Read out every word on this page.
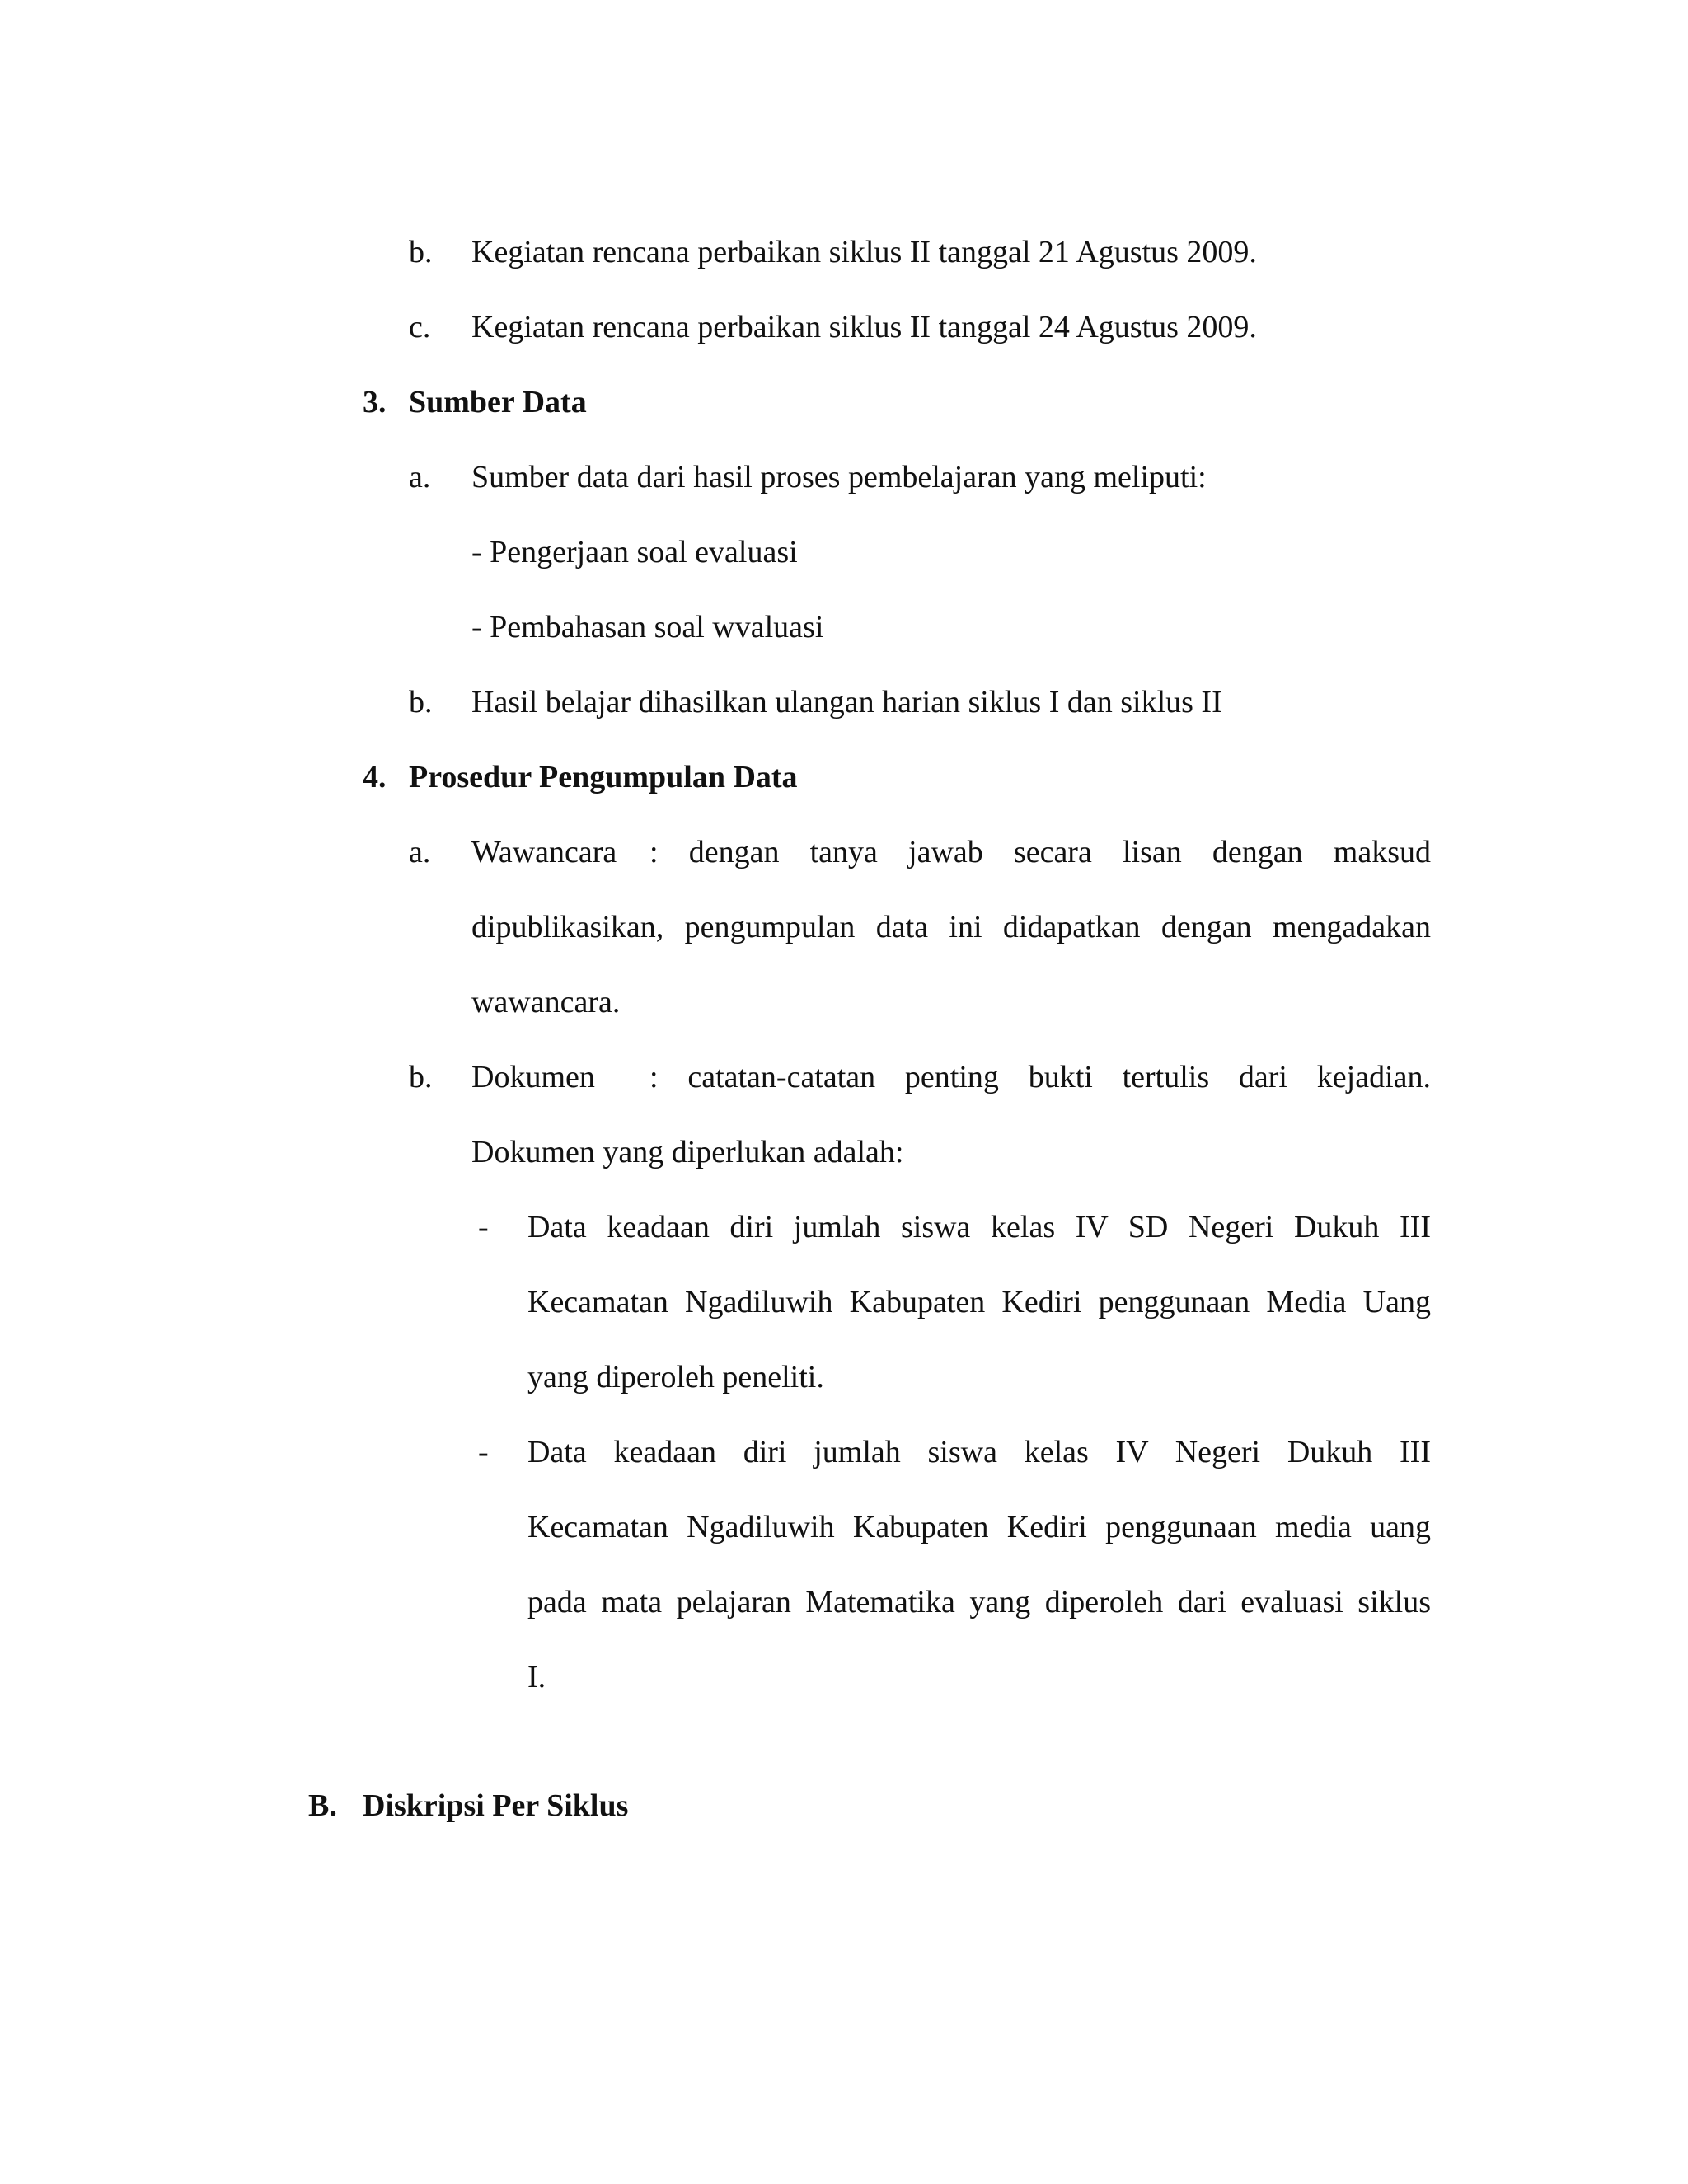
b. Kegiatan rencana perbaikan siklus II tanggal 21 Agustus 2009.
c. Kegiatan rencana perbaikan siklus II tanggal 24 Agustus 2009.
3. Sumber Data
a. Sumber data dari hasil proses pembelajaran yang meliputi:
- Pengerjaan soal evaluasi
- Pembahasan soal wvaluasi
b. Hasil belajar dihasilkan ulangan harian siklus I dan siklus II
4. Prosedur Pengumpulan Data
a. Wawancara : dengan tanya jawab secara lisan dengan maksud
dipublikasikan, pengumpulan data ini didapatkan dengan mengadakan
wawancara.
b. Dokumen : catatan-catatan penting bukti tertulis dari kejadian.
Dokumen yang diperlukan adalah:
- Data keadaan diri jumlah siswa kelas IV SD Negeri Dukuh III
Kecamatan Ngadiluwih Kabupaten Kediri penggunaan Media Uang
yang diperoleh peneliti.
- Data keadaan diri jumlah siswa kelas IV Negeri Dukuh III
Kecamatan Ngadiluwih Kabupaten Kediri penggunaan media uang
pada mata pelajaran Matematika yang diperoleh dari evaluasi siklus
I.
B. Diskripsi Per Siklus
